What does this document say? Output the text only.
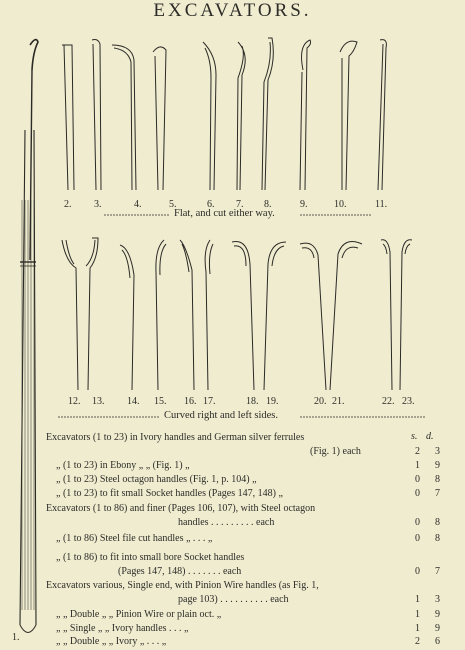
EXCAVATORS.
1.
2. 3.	4.	5.	6. 7. 8.	9.	10.	11.
12. 13. 14. 15. 16. 17.	18. 19.	20. 21.	22. 23.
Flat, and cut either way.
Curved right and left sides.
s. d.
Excavators (1 to 23) in Ivory handles and German silver ferrules
(Fig. 1) each	2	3
„ (1 to 23) in Ebony „ „ (Fig. 1) „	1	9
„ (1 to 23) Steel octagon handles (Fig. 1, p. 104) „	0	8
„ (1 to 23) to fit small Socket handles (Pages 147, 148) „	0	7
Excavators (1 to 86) and finer (Pages 106, 107), with Steel octagon
handles . . . . . . . . . each	0	8
„ (1 to 86) Steel file cut handles „ . . . „	0	8
„ (1 to 86) to fit into small bore Socket handles
(Pages 147, 148) . . . . . . . each	0	7
Excavators various, Single end, with Pinion Wire handles (as Fig. 1,
page 103) . . . . . . . . . . each	1	3
„ „ Double „ „ Pinion Wire or plain oct. „	1	9
„ „ Single „ „ Ivory handles . . . „	1	9
„ „ Double „ „ Ivory „ . . . „	2	6
